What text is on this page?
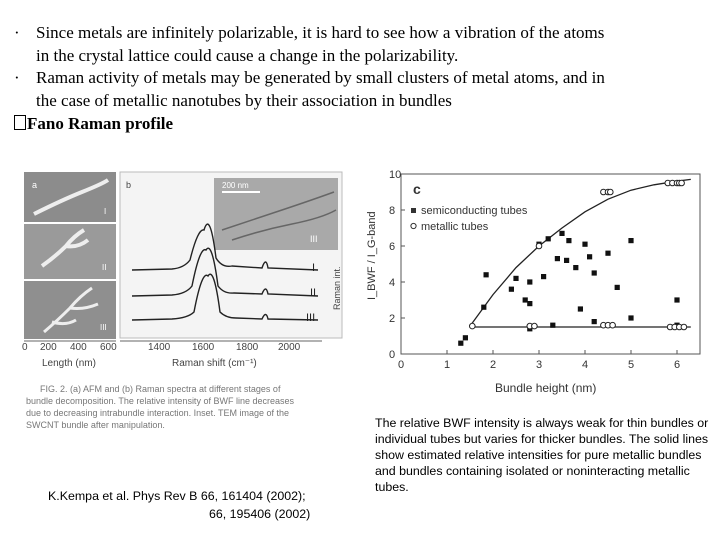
· Since metals are infinitely polarizable, it is hard to see how a vibration of the atoms
in the crystal lattice could cause a change in the polarizability.
· Raman activity of metals may be generated by small clusters of metal atoms, and in
the case of metallic nanotubes by their association in bundles
Fano Raman profile
a
I
II
III
0 200 400 600
Length (nm)
b	200 nm
III
I
II
III
Raman int.
1400 1600 1800 2000
Raman shift (cm⁻¹)
FIG. 2. (a) AFM and (b) Raman spectra at different stages of
bundle decomposition. The relative intensity of BWF line decreases
due to decreasing intrabundle interaction. Inset. TEM image of the
SWCNT bundle after manipulation.
0	1	2	3	4	5	6
0
2
4
6
8
10
c
semiconducting tubes
metallic tubes
I_BWF / I_G-band
Bundle height (nm)
The relative BWF intensity is always weak for thin bundles or individual tubes but varies for thicker bundles. The solid lines show estimated relative intensities for pure metallic bundles and bundles containing isolated or noninteracting metallic tubes.
K.Kempa et al. Phys Rev B 66, 161404 (2002);
66, 195406 (2002)
